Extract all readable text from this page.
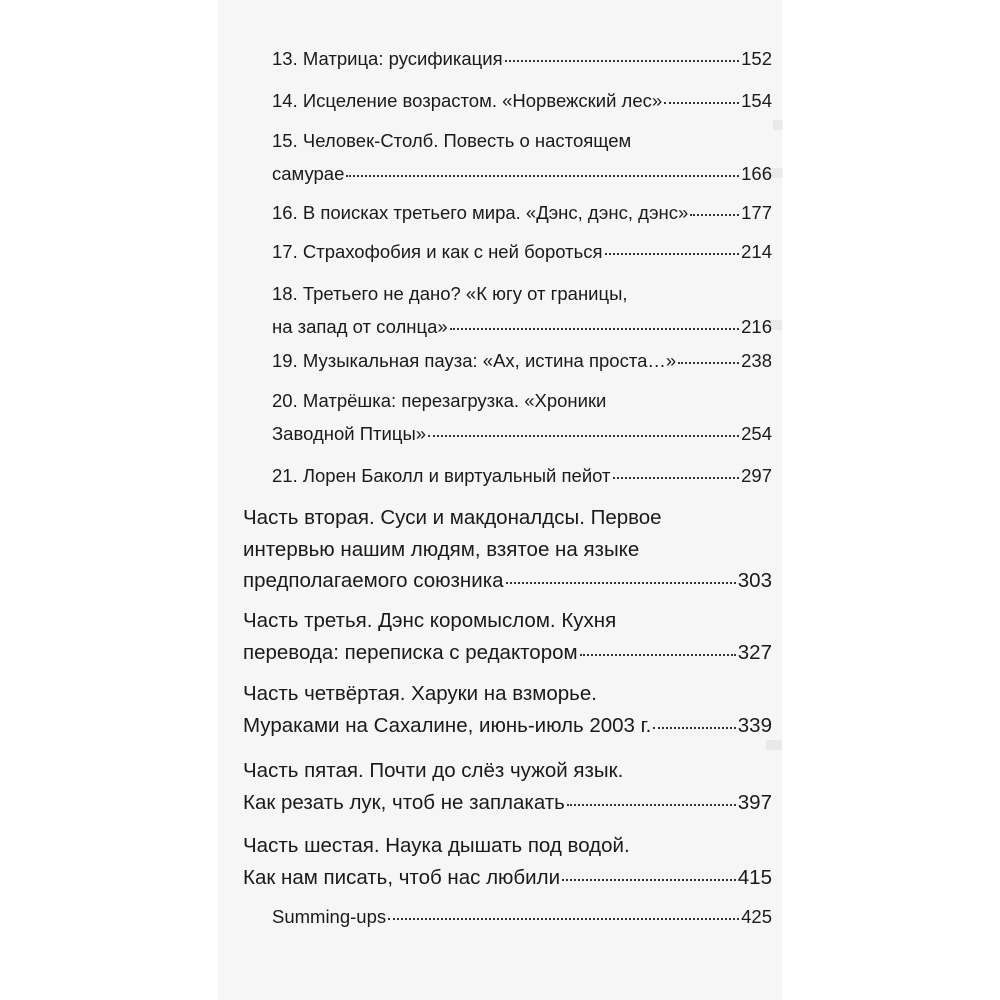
13. Матрица: русификация	152
14. Исцеление возрастом. «Норвежский лес»	154
15. Человек-Столб. Повесть о настоящем
самурае	166
16. В поисках третьего мира. «Дэнс, дэнс, дэнс»	177
17. Страхофобия и как с ней бороться	214
18. Третьего не дано? «К югу от границы,
на запад от солнца»	216
19. Музыкальная пауза: «Ах, истина проста…»	238
20. Матрёшка: перезагрузка. «Хроники
Заводной Птицы»	254
21. Лорен Баколл и виртуальный пейот	297
Часть вторая. Суси и макдоналдсы. Первое
интервью нашим людям, взятое на языке
предполагаемого союзника	303
Часть третья. Дэнс коромыслом. Кухня
перевода: переписка с редактором	327
Часть четвёртая. Харуки на взморье.
Мураками на Сахалине, июнь-июль 2003 г.	339
Часть пятая. Почти до слёз чужой язык.
Как резать лук, чтоб не заплакать	397
Часть шестая. Наука дышать под водой.
Как нам писать, чтоб нас любили	415
Summing-ups	425
